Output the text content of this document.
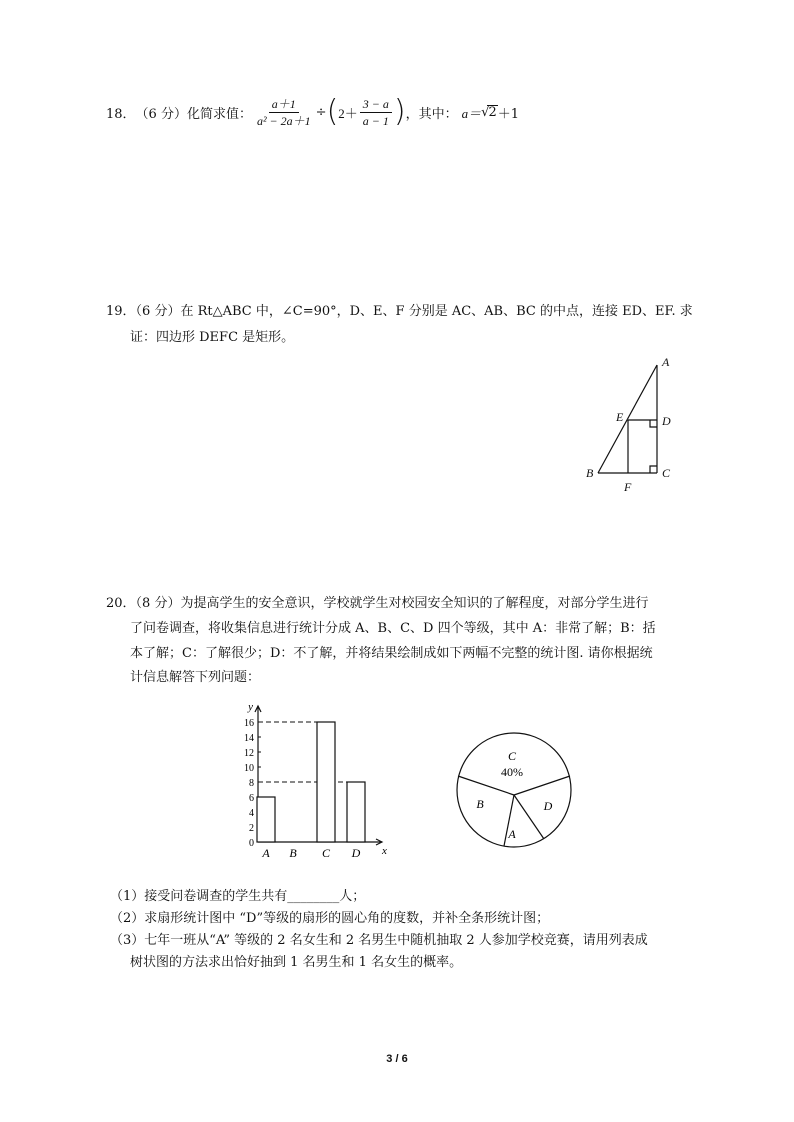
18． （6 分）化简求值： $\frac{a+1}{\text{a² − 2a＋1}}$ ÷ ( $2+ \frac{3 - a}{a - 1}$ ) ，其中： a＝ √ 2 ＋1
19．（6 分）在 Rt△ABC 中，∠C=90°，D、E、F 分别是 AC、AB、BC 的中点，连接 ED、EF. 求
证：四边形 DEFC 是矩形。
A
E	D
B	C
F
20．（8 分）为提高学生的安全意识，学校就学生对校园安全知识的了解程度，对部分学生进行
了问卷调查，将收集信息进行统计分成 A、B、C、D 四个等级，其中 A：非常了解；B：括
本了解；C：了解很少；D：不了解，并将结果绘制成如下两幅不完整的统计图. 请你根据统
计信息解答下列问题：
y
x
0
2
4
6
8
10
12
14
16
A B C D
C
B
A
D
40%
（1）接受问卷调查的学生共有________人；
（2）求扇形统计图中 “D”等级的扇形的圆心角的度数，并补全条形统计图；
（3）七年一班从“A” 等级的 2 名女生和 2 名男生中随机抽取 2 人参加学校竞赛，请用列表成
树状图的方法求出恰好抽到 1 名男生和 1 名女生的概率。
3 / 6
